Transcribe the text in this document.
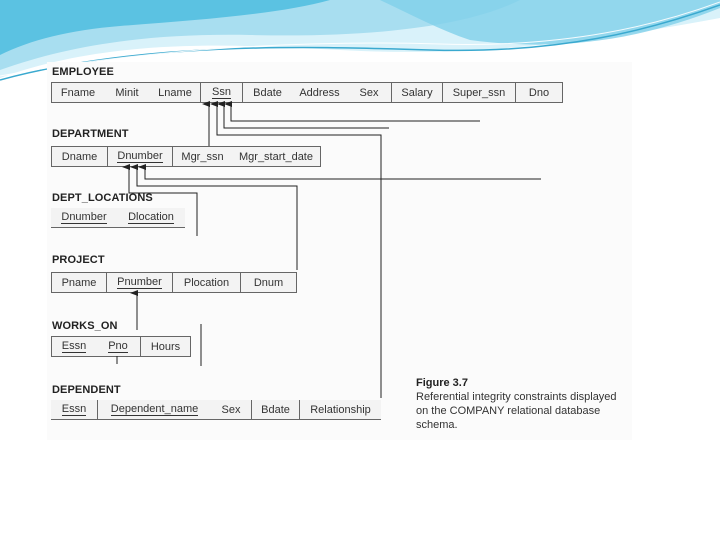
EMPLOYEE
Fname	Minit	Lname	Ssn	Bdate	Address	Sex	Salary	Super_ssn	Dno
DEPARTMENT
Dname	Dnumber	Mgr_ssn	Mgr_start_date
DEPT_LOCATIONS
Dnumber Dlocation
PROJECT
Pname	Pnumber	Plocation	Dnum
WORKS_ON
Essn Pno	Hours
DEPENDENT
Essn Dependent_name	Sex	Bdate	Relationship
Figure 3.7
Referential integrity constraints displayed
on the COMPANY relational database
schema.
